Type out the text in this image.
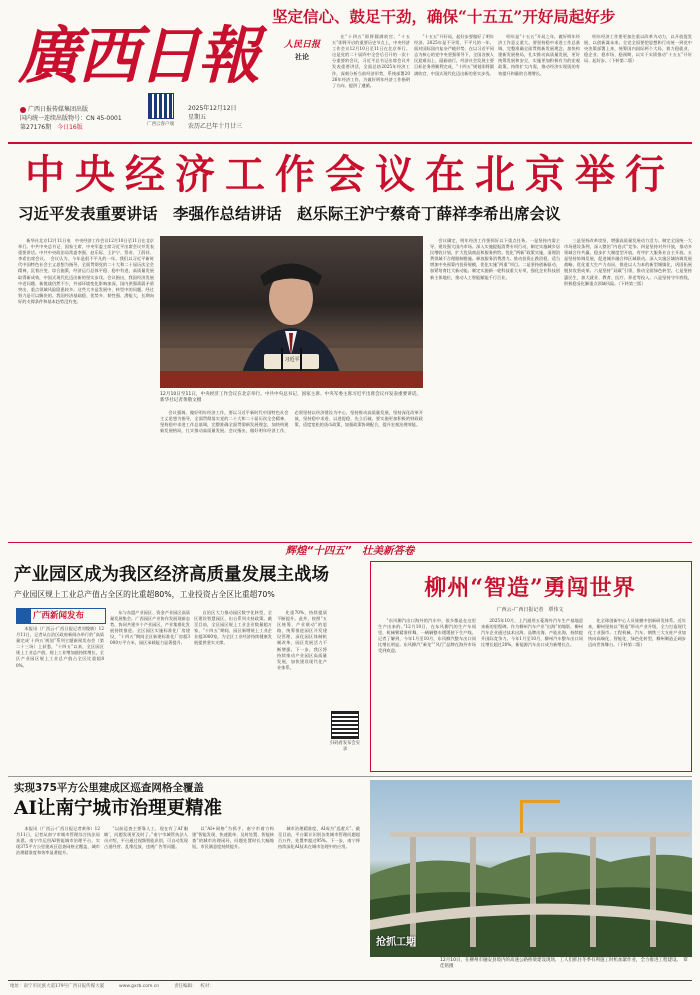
廣西日報
广西日报传媒集团出版
国内统一连续出版物号：CN 45-0001
第27176期　 今日16版	广西云客户端
2025年12月12日
星期五
农历乙巳年十月廿三
坚定信心、鼓足干劲，确保“十五五”开好局起好步
人民日报
社论

在“十四五”即将圆满收官、“十五五”即将开启的重要历史节点上，中央经济工作会议12月10日至11日在北京举行。这是党的二十届四中全会后召开的一次十分重要的会议，习近平总书记出席会议并发表重要讲话，全面总结2025年经济工作，深刻分析当前经济形势，系统部署2026年经济工作，为做好明年经济工作指明了方向、提供了遵循。

“十五五”开好局，起好步要做好了明年经济。2025年是不寻常、不平凡的一年，面对国际国内复杂严峻形势，在以习近平同志为核心的党中央坚强领导下，全国各族人民迎难而上、砥砺前行，经济社会发展主要目标任务将顺利完成，“十四五”规划即将圆满收官，中国式现代化迈出新的坚实步伐。

明年是“十五五”开局之年，做好明年经济工作意义重大。要坚持稳中求进工作总基调，完整准确全面贯彻新发展理念，加快构建新发展格局，扎实推动高质量发展，更好统筹发展和安全，实施更加积极有为的宏观政策，持续扩大内需，推动经济实现质的有效提升和量的合理增长。

明年经济工作要更加注重以改革为动力，以开放促发展，以创新谋未来。全党全国要把思想和行动统一到党中央决策部署上来，统筹国内国际两个大局，着力稳就业、稳企业、稳市场、稳预期，以实干实绩推动“十五五”开好局、起好步。（下转第二版）

中央经济工作会议在北京举行
习近平发表重要讲话　李强作总结讲话　赵乐际王沪宁蔡奇丁薛祥李希出席会议

新华社北京12月11日电　中央经济工作会议12月10日至11日在北京举行。中共中央总书记、国家主席、中央军委主席习近平出席会议并发表重要讲话。中共中央政治局常委李强、赵乐际、王沪宁、蔡奇、丁薛祥、李希出席会议。　会议认为，今年是很不平凡的一年。我们以习近平新时代中国特色社会主义思想为指导，全面贯彻党的二十大和二十届历次全会精神，沉着应变、综合施策，经济运行总体平稳、稳中有进，高质量发展取得新成效，中国式现代化迈出新的坚实步伐。会议指出，我国经济发展中老问题、新挑战仍然不少，外部环境变化影响加深，国内供强需弱矛盾突出，重点领域风险隐患较多。这些大多是发展中、转型中的问题，经过努力是可以解决的。我国经济基础稳、优势多、韧性强、潜能大，长期向好的支撑条件和基本趋势没有变。

习近平
12月10日至11日，中央经济工作会议在北京举行。中共中央总书记、国家主席、中央军委主席习近平出席会议并发表重要讲话。　新华社记者黄敬文摄

会议强调，做好明年经济工作，要以习近平新时代中国特色社会主义思想为指导，全面贯彻落实党的二十大和二十届历次全会精神，坚持稳中求进工作总基调，完整准确全面贯彻新发展理念，加快构建新发展格局，扎实推动高质量发展。会议指出，做好明年经济工作，必须坚持以经济建设为中心，坚持推动高质量发展，坚持深化改革开放，坚持稳中求进、以进促稳、先立后破。要实施更加积极的财政政策，适度宽松的货币政策，加强政策协调配合，提升宏观治理效能。

会议确定，明年经济工作要抓好以下重点任务。一是坚持内需主导，建设强大国内市场。深入实施提振消费专项行动，制定实施城乡居民增收计划，扩大优质商品和服务供给。优化“两新”政策实施，清理消费领域不合理限制措施。释放服务消费潜力。推动投资止跌回稳，适当增加中央预算内投资规模，优化实施“两重”项目。二是坚持创新驱动，加紧培育壮大新动能。制定实施新一轮科技重大专项，强化企业科技创新主体地位，推动人工智能赋能千行百业。

三是坚持改革攻坚，增强高质量发展动力活力。制定全国统一大市场建设条例，深入整治“内卷式”竞争。四是坚持对外开放，推动多领域合作共赢。稳步扩大制度型开放，有序扩大服务业自主开放。五是坚持协调发展，促进城乡融合和区域联动。深入实施区域协调发展战略，优化重大生产力布局，推进以人为本的新型城镇化，巩固拓展脱贫攻坚成果。六是坚持“双碳”引领，推动全面绿色转型。七是坚持惠民生，加大就业、教育、医疗、养老等投入。八是坚持守牢底线，积极稳妥化解重点领域风险。（下转第三版）

辉煌“十四五”　壮美新答卷
产业园区成为我区经济高质量发展主战场
产业园区规上工业总产值占全区的比重超80%，工业投资占全区比重超70%
广西新闻发布

本报讯（广西云-广西日报记者刘俊敏）12月11日，记者从自治区政府新闻办举行的“高质量完成‘十四五’规划”系列主题新闻发布会（第二十三场）上获悉，“十四五”以来，全区园区规上工业总产值、规上工业增加值持续增长，全区产业园区规上工业总产值占全区比重超80%。

东与东盟产业园区、资金产业园区高质量发展集会。广西园区产业协作发展现新态势，协同共建多个产业园区，产业集群化发展持续推进。全区园区实施标准化厂房建设，“十四五”期间全区新建标准化厂房超3000万平方米，园区承载能力显著提升。

自治区大力推动园区数字化转型，全区建设智慧园区，出台系列支持政策。截至目前，全区园区规上工业企业数量超万家，“十四五”期间，园区新增规上工业企业超3000家，为全区工业经济持续健康发展提供坚实支撑。

比重70%，持续提质不断提升。此外，按照“五区统筹、产业联动”的思路，统筹推进园区开发建设管理，深化园区体制机制改革，园区发展活力不断增强。下一步，我区将持续推动产业园区高质量发展，加快建设现代化产业体系。

扫码看发布会实录
柳州“智造”勇闯世界
广西云-广西日报记者　覃伟文

“东风柳汽出口海外的汽车中，很多都是在这里生产出来的。”12月10日，在东风柳汽的生产车间里，机械臂精准挥舞，一辆辆整车缓缓驶下生产线。记者了解到，今年1月至10月，东风柳汽整车出口同比增长明显。东风柳汽“乘龙”“风行”品牌在海外市场受到欢迎。

2025年10月，上汽通用五菱海外汽车生产基地迎来新的里程碑。作为柳州汽车产业“出海”的缩影，柳州汽车企业通过技术出海、品牌出海、产能出海，持续提升国际竞争力。今年1月至10月，柳州汽车整车出口同比增长超过20%，新能源汽车出口成为新增长点。

化全球创新中心人员规模中创新研发体系。近年来，柳州坚持以“智造”带动产业升级，全力打造现代化工业强市。工程机械、汽车、钢铁三大支柱产业加快向高端化、智能化、绿色化转型，柳州制造正阔步迈向世界舞台。（下转第二版）

实现375平方公里建成区巡查网格全覆盖
AI让南宁城市治理更精准

本报讯（广西云-广西日报记者黄伟）12月11日，记者从南宁市城市管理综合执法局获悉，南宁市运用AI智能城市治理平台，实现375平方公里建成区巡查网格全覆盖，城市治理精准度和效率显著提升。

“以前巡查主要靠人工，现在有了AI‘眼睛’，问题发现更及时了。”南宁市城管执法人员介绍，平台通过视频智能识别，可自动发现占道经营、乱堆乱放、违规广告等问题。

以“AI+网格”为抓手，南宁市着力构建“智能发现、快速派单、及时处置、智能核查”的城市治理闭环，问题处置时长大幅缩短，市民满意度持续提升。

城市治理精准度，AI成为“巡逻兵”。截至目前，平台累计识别各类城市管理问题超百万件，处置率超过95%。下一步，南宁将持续深化AI技术在城市治理中的应用。

抢抓工期
12月10日，在柳州市融安县境内的高速公路桥梁建设现场，工人们抓住冬季有利施工时机加紧作业，全力推进工程建设。　覃佳铭摄
地址：南宁市民族大道179号广西日报传媒大厦　　　	www.gxrb.com.cn　　　	责任编辑：　 校对：
